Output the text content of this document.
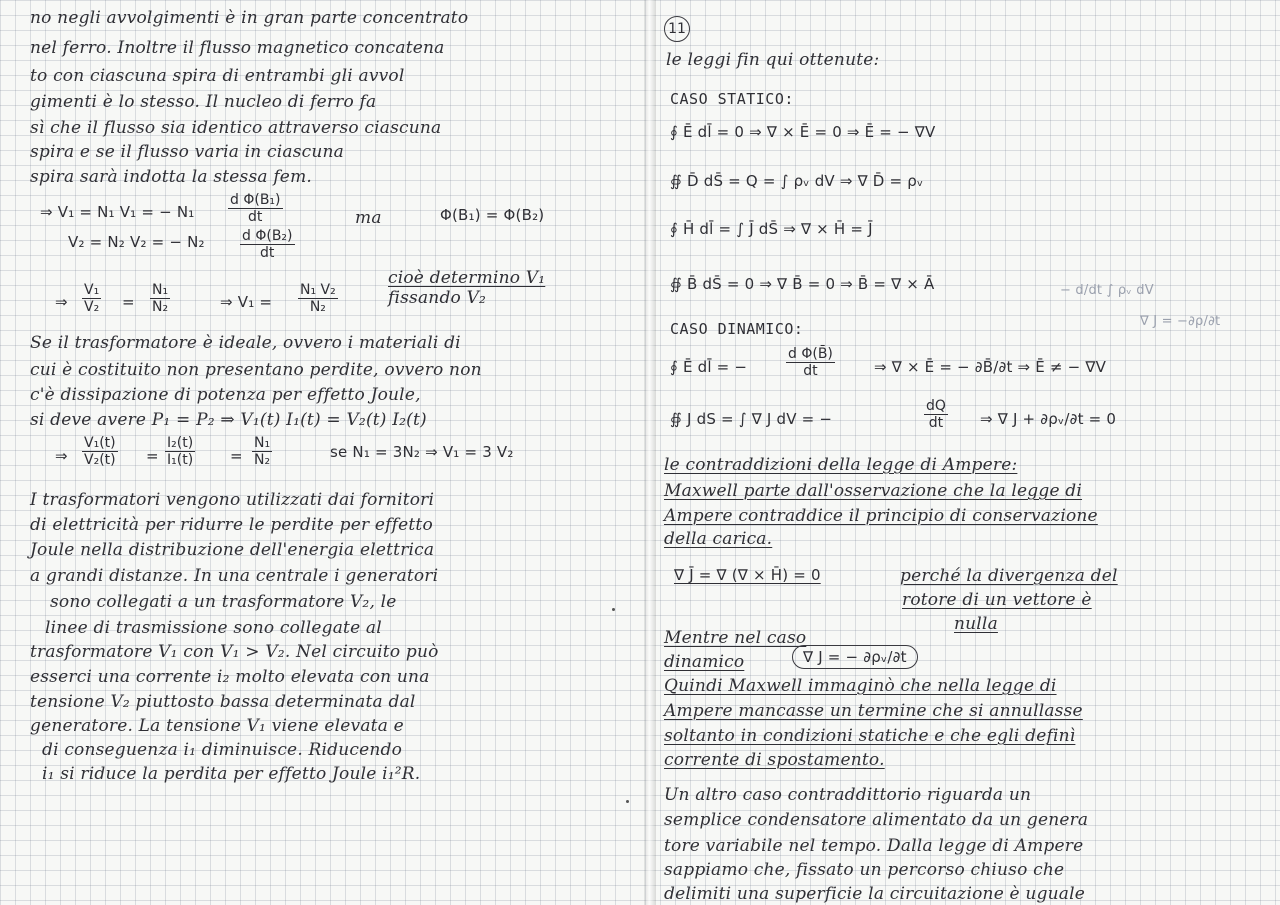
no negli avvolgimenti è in gran parte concentrato
nel ferro. Inoltre il flusso magnetico concatena
to con ciascuna spira di entrambi gli avvol
gimenti è lo stesso. Il nucleo di ferro fa
sì che il flusso sia identico attraverso ciascuna
spira e se il flusso varia in ciascuna
spira sarà indotta la stessa fem.
⇒ V₁ = N₁ V₁ = − $N_1 \frac{\text{d Φ(B₁)}}{dt}$	ma	Φ(B₁) = Φ(B₂)
V₂ = N₂ V₂ = − N₂	$\frac{\text{d Φ(B₂)}}{dt}$
⇒ $\frac{\text{V₁}}{\text{V₂}} = \frac{\text{N₁}}{\text{N₂}}$	⇒ $V_1 = \frac{\text{N₁ V₂}}{\text{N₂}}$
cioè determino V₁
fissando V₂
Se il trasformatore è ideale, ovvero i materiali di
cui è costituito non presentano perdite, ovvero non
c'è dissipazione di potenza per effetto Joule,
si deve avere P₁ = P₂ ⇒ V₁(t) I₁(t) = V₂(t) I₂(t)
⇒ $\frac{\text{V₁(t)}}{\text{V₂(t)}} = \frac{\text{I₂(t)}}{\text{I₁(t)}} = \frac{\text{N₁}}{\text{N₂}}$	se N₁ = 3N₂ ⇒ V₁ = 3 V₂
I trasformatori vengono utilizzati dai fornitori
di elettricità per ridurre le perdite per effetto
Joule nella distribuzione dell'energia elettrica
a grandi distanze. In una centrale i generatori
sono collegati a un trasformatore V₂, le
linee di trasmissione sono collegate al
trasformatore V₁ con V₁ > V₂. Nel circuito può
esserci una corrente i₂ molto elevata con una
tensione V₂ piuttosto bassa determinata dal
generatore. La tensione V₁ viene elevata e
di conseguenza i₁ diminuisce. Riducendo
i₁ si riduce la perdita per effetto Joule i₁²R.
11
le leggi fin qui ottenute:
CASO STATICO:
∮ Ē dl̄ = 0 ⇒ ∇ × Ē = 0 ⇒ Ē = − ∇V
∯ D̄ dS̄ = Q = ∫ ρᵥ dV ⇒ ∇ D̄ = ρᵥ
∮ H̄ dl̄ = ∫ J̄ dS̄ ⇒ ∇ × H̄ = J̄
∯ B̄ dS̄ = 0 ⇒ ∇ B̄ = 0 ⇒ B̄ = ∇ × Ā	− d/dt ∫ ρᵥ dV
∇ J = −∂ρ/∂t
CASO DINAMICO:
∮ Ē dl̄ = −	$\frac{\text{d Φ(B̄)}}{dt}$	⇒ ∇ × Ē = − ∂B̄/∂t ⇒ Ē ≠ − ∇V
∯ J dS = ∫ ∇ J dV = −	$\frac{dQ}{dt}$ ⇒ ∇ J + ∂ρᵥ/∂t = 0
le contraddizioni della legge di Ampere:
Maxwell parte dall'osservazione che la legge di
Ampere contraddice il principio di conservazione
della carica.
∇ J̄ = ∇ (∇ × H̄) = 0	perché la divergenza del
rotore di un vettore è
nulla
Mentre nel caso
dinamico	∇ J = − ∂ρᵥ/∂t
Quindi Maxwell immaginò che nella legge di
Ampere mancasse un termine che si annullasse
soltanto in condizioni statiche e che egli definì
corrente di spostamento.
Un altro caso contraddittorio riguarda un
semplice condensatore alimentato da un genera
tore variabile nel tempo. Dalla legge di Ampere
sappiamo che, fissato un percorso chiuso che
delimiti una superficie la circuitazione è uguale
